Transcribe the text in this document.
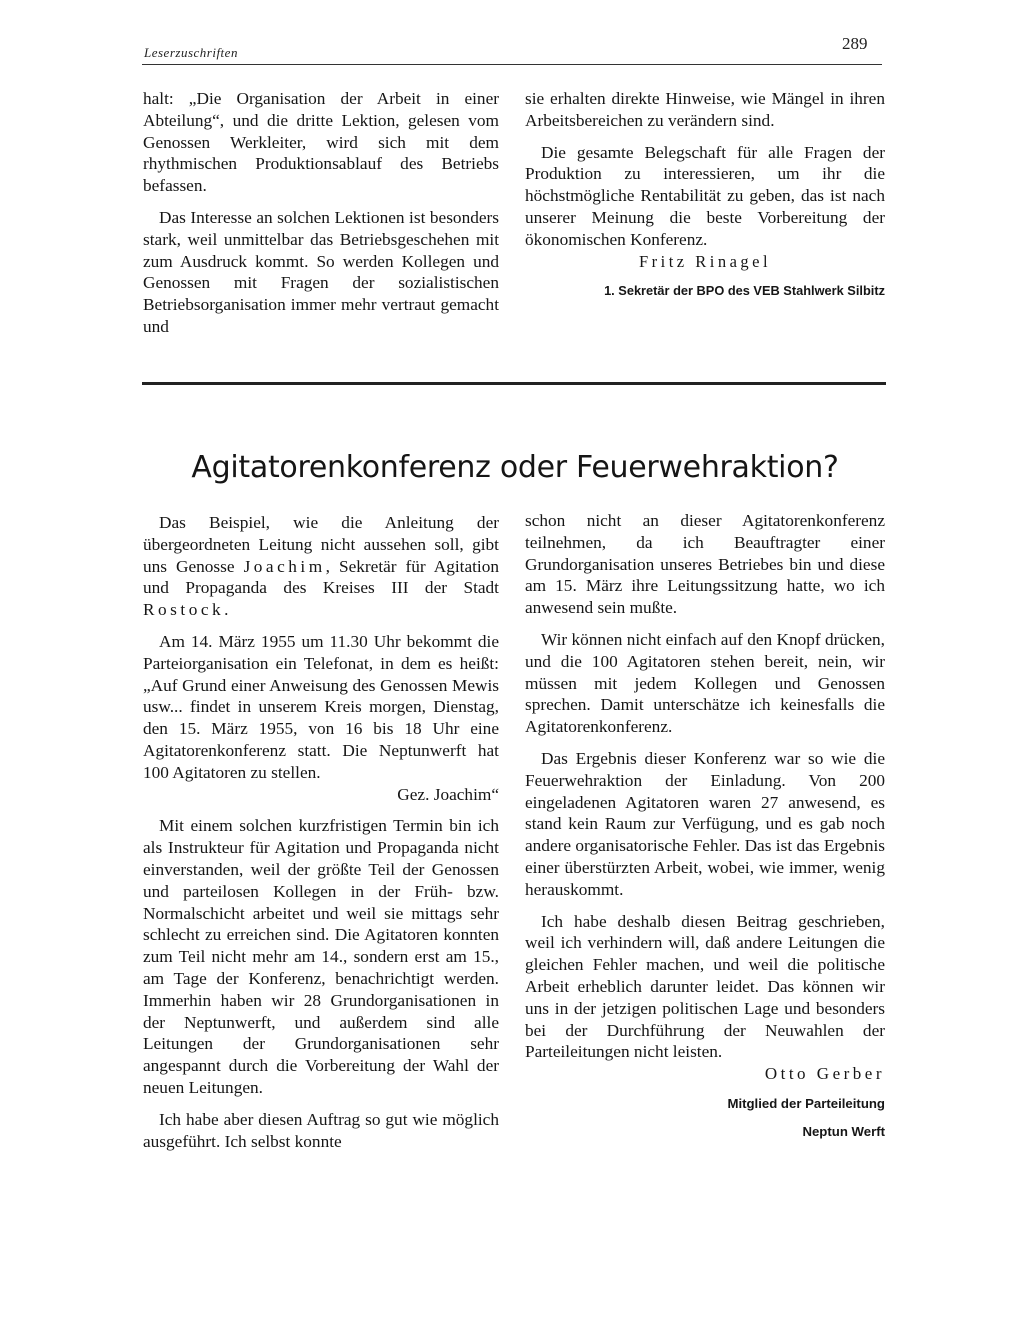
Leserzuschriften	289

halt: „Die Organisation der Arbeit in einer Abteilung“, und die dritte Lektion, gelesen vom Genossen Werkleiter, wird sich mit dem rhythmischen Produktionsablauf des Betriebs befassen.

Das Interesse an solchen Lektionen ist besonders stark, weil unmittelbar das Betriebsgeschehen mit zum Ausdruck kommt. So werden Kollegen und Genossen mit Fragen der sozialistischen Betriebsorganisation immer mehr vertraut gemacht und

sie erhalten direkte Hinweise, wie Mängel in ihren Arbeitsbereichen zu verändern sind.

Die gesamte Belegschaft für alle Fragen der Produktion zu interessieren, um ihr die höchstmögliche Rentabilität zu geben, das ist nach unserer Meinung die beste Vorbereitung der ökonomischen Konferenz.

Fritz Rinagel

1. Sekretär der BPO des VEB Stahlwerk Silbitz

Agitatorenkonferenz oder Feuerwehraktion?

Das Beispiel, wie die Anleitung der übergeordneten Leitung nicht aussehen soll, gibt uns Genosse Joachim, Sekretär für Agitation und Propaganda des Kreises III der Stadt Rostock.

Am 14. März 1955 um 11.30 Uhr bekommt die Parteiorganisation ein Telefonat, in dem es heißt: „Auf Grund einer Anweisung des Genossen Mewis usw... findet in unserem Kreis morgen, Dienstag, den 15. März 1955, von 16 bis 18 Uhr eine Agitatorenkonferenz statt. Die Neptunwerft hat 100 Agitatoren zu stellen.

Gez. Joachim“

Mit einem solchen kurzfristigen Termin bin ich als Instrukteur für Agitation und Propaganda nicht einverstanden, weil der größte Teil der Genossen und parteilosen Kollegen in der Früh- bzw. Normalschicht arbeitet und weil sie mittags sehr schlecht zu erreichen sind. Die Agitatoren konnten zum Teil nicht mehr am 14., sondern erst am 15., am Tage der Konferenz, benachrichtigt werden. Immerhin haben wir 28 Grundorganisationen in der Neptunwerft, und außerdem sind alle Leitungen der Grundorganisationen sehr angespannt durch die Vorbereitung der Wahl der neuen Leitungen.

Ich habe aber diesen Auftrag so gut wie möglich ausgeführt. Ich selbst konnte

schon nicht an dieser Agitatorenkonferenz teilnehmen, da ich Beauftragter einer Grundorganisation unseres Betriebes bin und diese am 15. März ihre Leitungssitzung hatte, wo ich anwesend sein mußte.

Wir können nicht einfach auf den Knopf drücken, und die 100 Agitatoren stehen bereit, nein, wir müssen mit jedem Kollegen und Genossen sprechen. Damit unterschätze ich keinesfalls die Agitatorenkonferenz.

Das Ergebnis dieser Konferenz war so wie die Feuerwehraktion der Einladung. Von 200 eingeladenen Agitatoren waren 27 anwesend, es stand kein Raum zur Verfügung, und es gab noch andere organisatorische Fehler. Das ist das Ergebnis einer überstürzten Arbeit, wobei, wie immer, wenig herauskommt.

Ich habe deshalb diesen Beitrag geschrieben, weil ich verhindern will, daß andere Leitungen die gleichen Fehler machen, und weil die politische Arbeit erheblich darunter leidet. Das können wir uns in der jetzigen politischen Lage und besonders bei der Durchführung der Neuwahlen der Parteileitungen nicht leisten.

Otto Gerber

Mitglied der Parteileitung

Neptun Werft
